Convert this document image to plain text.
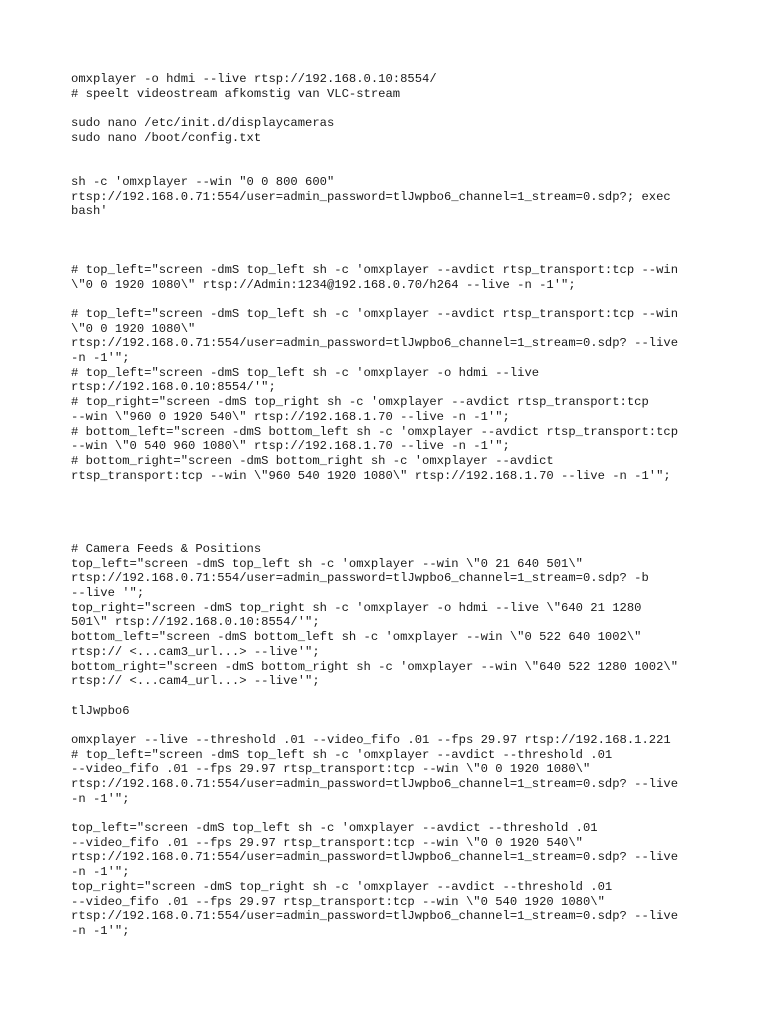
omxplayer -o hdmi --live rtsp://192.168.0.10:8554/
# speelt videostream afkomstig van VLC-stream
sudo nano /etc/init.d/displaycameras
sudo nano /boot/config.txt
sh -c 'omxplayer --win "0 0 800 600"
rtsp://192.168.0.71:554/user=admin_password=tlJwpbo6_channel=1_stream=0.sdp?; exec
bash'
# top_left="screen -dmS top_left sh -c 'omxplayer --avdict rtsp_transport:tcp --win
\"0 0 1920 1080\" rtsp://Admin:1234@192.168.0.70/h264 --live -n -1'";
# top_left="screen -dmS top_left sh -c 'omxplayer --avdict rtsp_transport:tcp --win
\"0 0 1920 1080\"
rtsp://192.168.0.71:554/user=admin_password=tlJwpbo6_channel=1_stream=0.sdp? --live
-n -1'";
# top_left="screen -dmS top_left sh -c 'omxplayer -o hdmi --live
rtsp://192.168.0.10:8554/'";
# top_right="screen -dmS top_right sh -c 'omxplayer --avdict rtsp_transport:tcp
--win \"960 0 1920 540\" rtsp://192.168.1.70 --live -n -1'";
# bottom_left="screen -dmS bottom_left sh -c 'omxplayer --avdict rtsp_transport:tcp
--win \"0 540 960 1080\" rtsp://192.168.1.70 --live -n -1'";
# bottom_right="screen -dmS bottom_right sh -c 'omxplayer --avdict
rtsp_transport:tcp --win \"960 540 1920 1080\" rtsp://192.168.1.70 --live -n -1'";
# Camera Feeds & Positions
top_left="screen -dmS top_left sh -c 'omxplayer --win \"0 21 640 501\"
rtsp://192.168.0.71:554/user=admin_password=tlJwpbo6_channel=1_stream=0.sdp? -b
--live '";
top_right="screen -dmS top_right sh -c 'omxplayer -o hdmi --live \"640 21 1280
501\" rtsp://192.168.0.10:8554/'";
bottom_left="screen -dmS bottom_left sh -c 'omxplayer --win \"0 522 640 1002\"
rtsp:// <...cam3_url...> --live'";
bottom_right="screen -dmS bottom_right sh -c 'omxplayer --win \"640 522 1280 1002\"
rtsp:// <...cam4_url...> --live'";
tlJwpbo6
omxplayer --live --threshold .01 --video_fifo .01 --fps 29.97 rtsp://192.168.1.221
# top_left="screen -dmS top_left sh -c 'omxplayer --avdict --threshold .01
--video_fifo .01 --fps 29.97 rtsp_transport:tcp --win \"0 0 1920 1080\"
rtsp://192.168.0.71:554/user=admin_password=tlJwpbo6_channel=1_stream=0.sdp? --live
-n -1'";
top_left="screen -dmS top_left sh -c 'omxplayer --avdict --threshold .01
--video_fifo .01 --fps 29.97 rtsp_transport:tcp --win \"0 0 1920 540\"
rtsp://192.168.0.71:554/user=admin_password=tlJwpbo6_channel=1_stream=0.sdp? --live
-n -1'";
top_right="screen -dmS top_right sh -c 'omxplayer --avdict --threshold .01
--video_fifo .01 --fps 29.97 rtsp_transport:tcp --win \"0 540 1920 1080\"
rtsp://192.168.0.71:554/user=admin_password=tlJwpbo6_channel=1_stream=0.sdp? --live
-n -1'";
